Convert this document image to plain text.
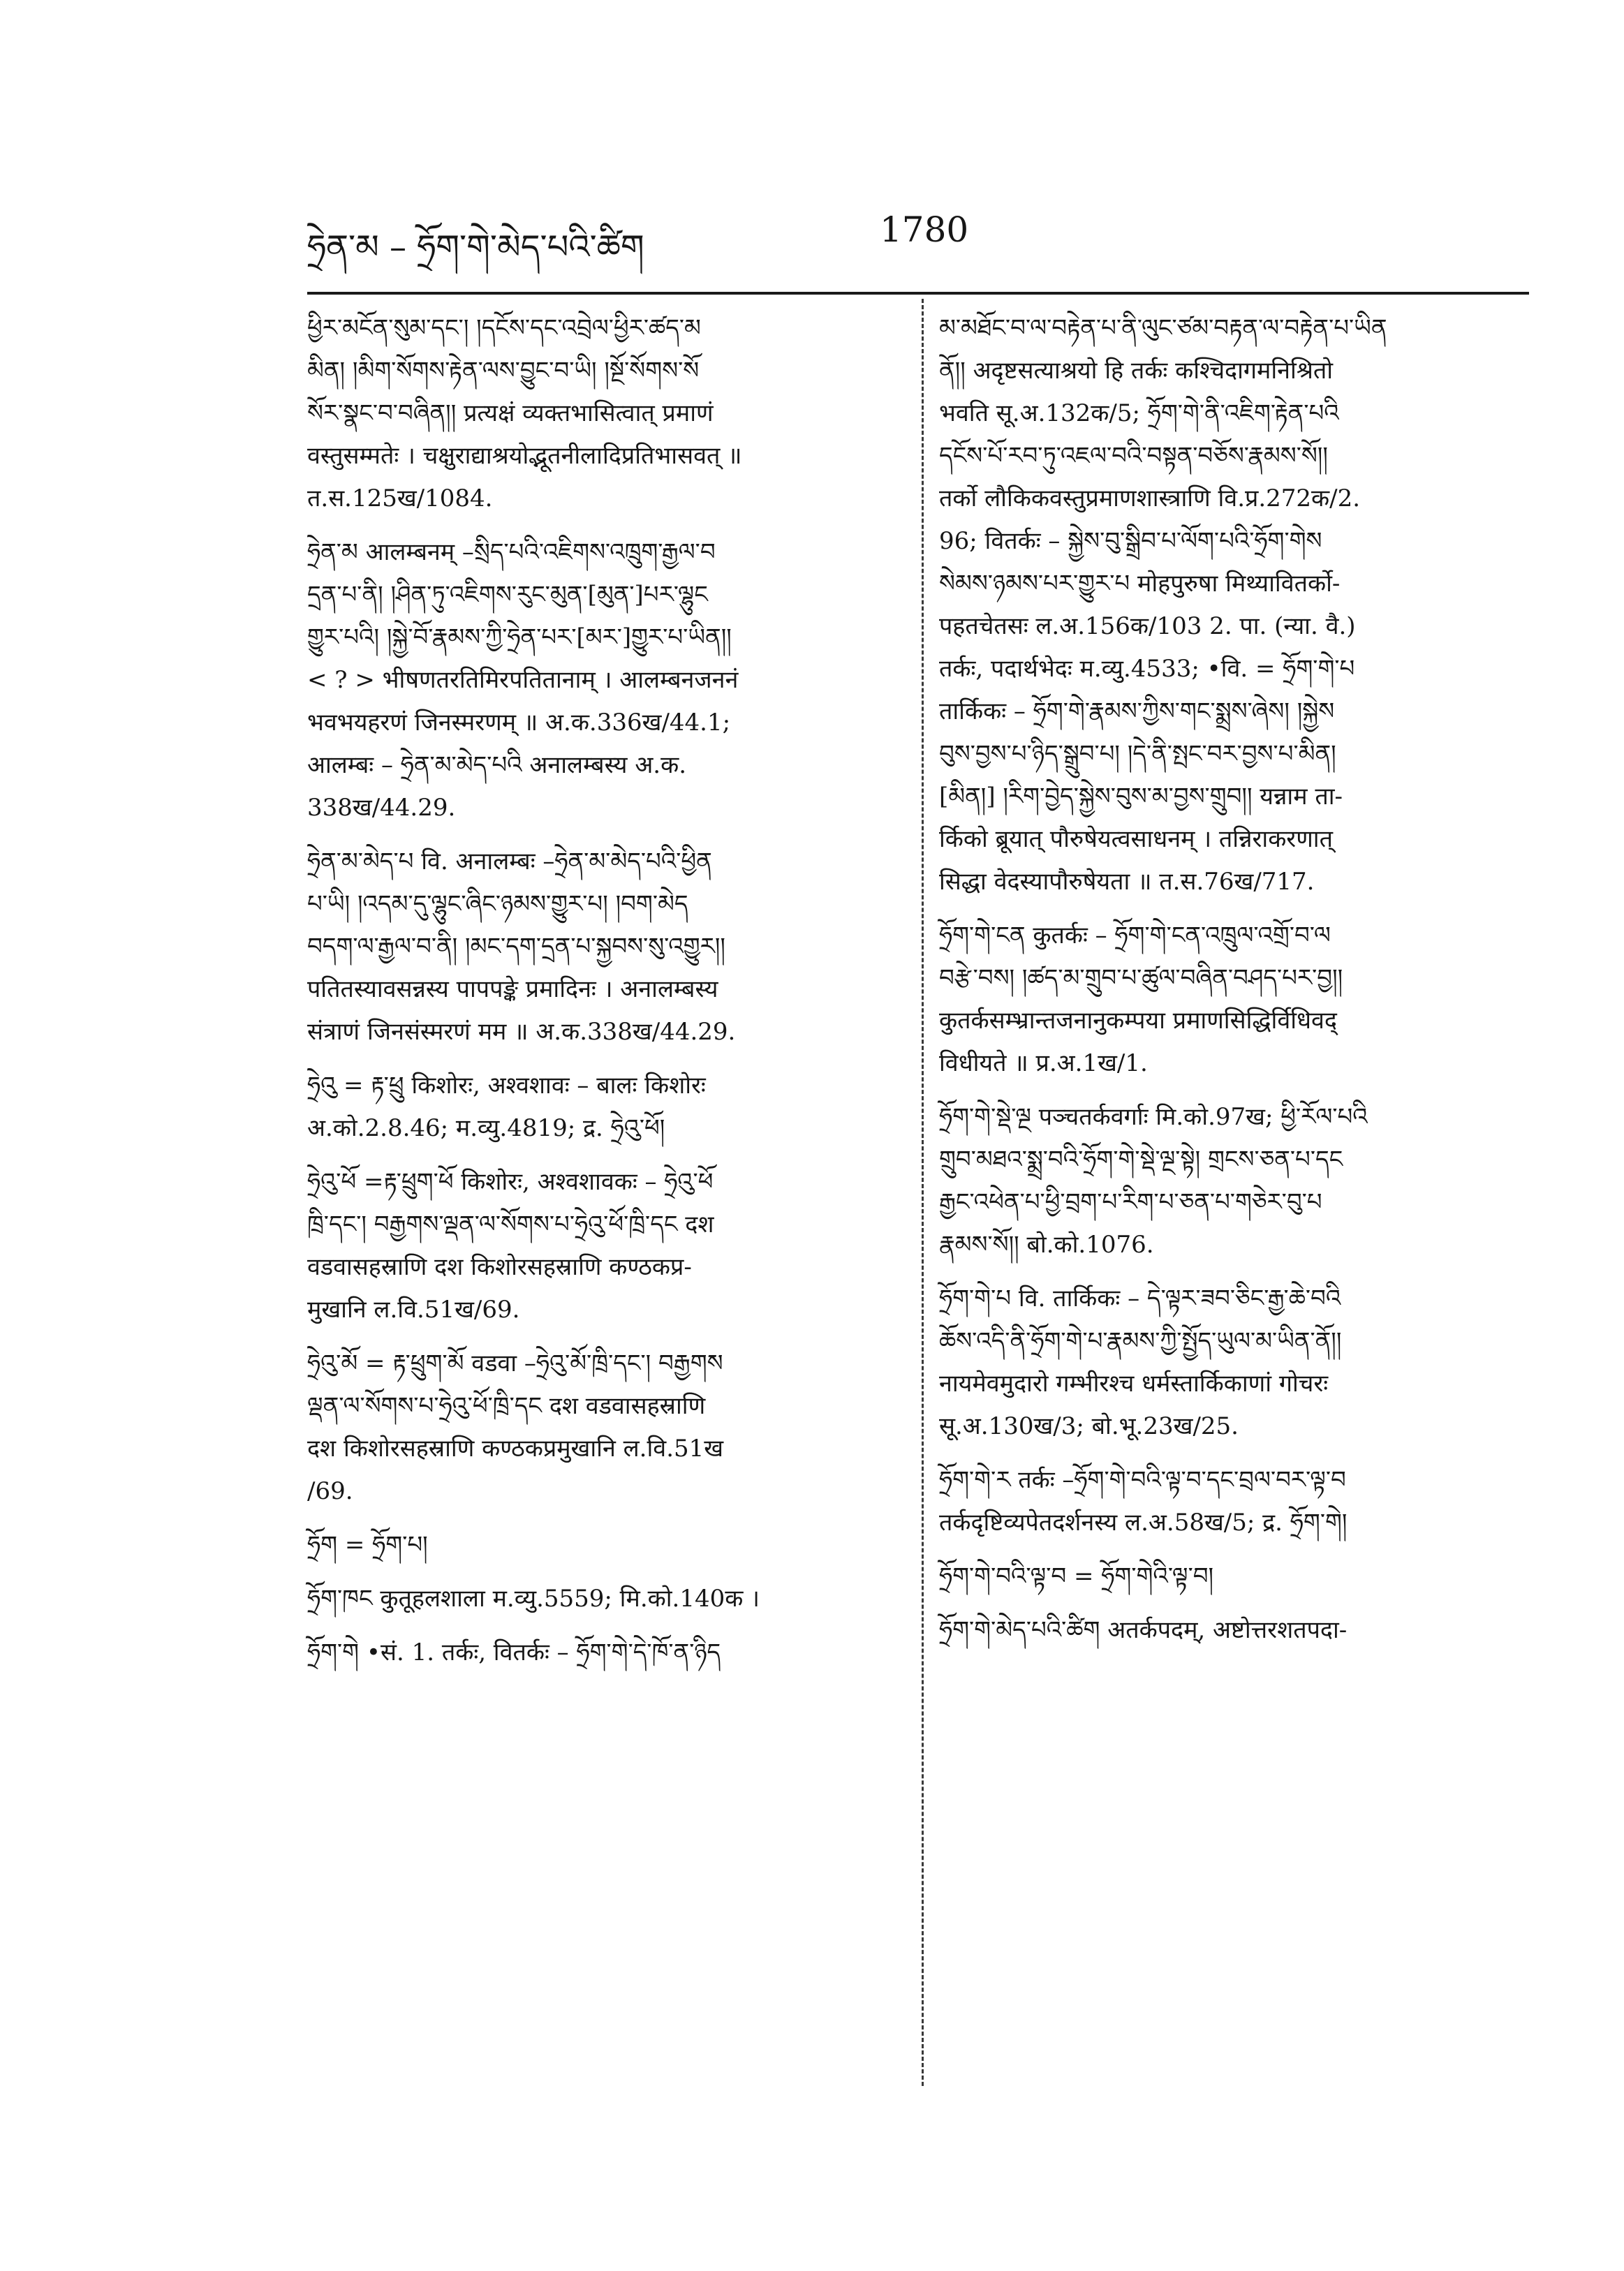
ཧྲེན་མ – ཧྲོག་གེ་མེད་པའི་ཚིག	1780
ཕྱིར་མངོན་སུམ་དང་། །དངོས་དང་འབྲེལ་ཕྱིར་ཚད་མ
མིན། །མིག་སོགས་རྟེན་ལས་བྱུང་བ་ཡི། །སྔོ་སོགས་སོ
སོར་སྣང་བ་བཞིན།། प्रत्यक्षं व्यक्तभासित्वात् प्रमाणं
वस्तुसम्मतेः । चक्षुराद्याश्रयोद्भूतनीलादिप्रतिभासवत् ॥
त.स.125ख/1084.
ཧྲེན་མ आलम्बनम् –སྲིད་པའི་འཇིགས་འཁྲུག་རྒྱལ་བ
དྲན་པ་ནི། །ཤིན་ཏུ་འཇིགས་རུང་མུན་[མུན་]པར་ལྷུང
གྱུར་པའི། །སྐྱེ་བོ་རྣམས་ཀྱི་ཧྲེན་པར་[མར་]གྱུར་པ་ཡིན།།
< ? > भीषणतरतिमिरपतितानाम् । आलम्बनजननं
भवभयहरणं जिनस्मरणम् ॥ अ.क.336ख/44.1;
आलम्बः – ཧྲེན་མ་མེད་པའི अनालम्बस्य अ.क.
338ख/44.29.
ཧྲེན་མ་མེད་པ वि. अनालम्बः –ཧྲེན་མ་མེད་པའི་ཕྱིན
པ་ཡི། །འདམ་དུ་ལྷུང་ཞིང་ཉམས་གྱུར་པ། །བག་མེད
བདག་ལ་རྒྱལ་བ་ནི། །མང་དག་དྲན་པ་སྐྱབས་སུ་འགྱུར།།
पतितस्यावसन्नस्य पापपङ्के प्रमादिनः । अनालम्बस्य
संत्राणं जिनसंस्मरणं मम ॥ अ.क.338ख/44.29.
ཧྲེའུ = རྟ་ཕྲུ किशोरः, अश्वशावः – बालः किशोरः
अ.को.2.8.46; म.व्यु.4819; द्र. ཧྲེའུ་ཕོ།
ཧྲེའུ་ཕོ =རྟ་ཕྲུག་ཕོ किशोरः, अश्वशावकः – ཧྲེའུ་ཕོ
ཁྲི་དང་། བརྒྱགས་ལྡན་ལ་སོགས་པ་ཧྲེའུ་ཕོ་ཁྲི་དང दश
वडवासहस्राणि दश किशोरसहस्राणि कण्ठकप्र-
मुखानि ल.वि.51ख/69.
ཧྲེའུ་མོ = རྟ་ཕྲུག་མོ वडवा –ཧྲེའུ་མོ་ཁྲི་དང་། བརྒྱགས
ལྡན་ལ་སོགས་པ་ཧྲེའུ་ཕོ་ཁྲི་དང दश वडवासहस्राणि
दश किशोरसहस्राणि कण्ठकप्रमुखानि ल.वि.51ख
/69.
ཧྲོག = ཧྲོག་པ།
ཧྲོག་ཁང कुतूहलशाला म.व्यु.5559; मि.को.140क ।
ཧྲོག་གེ •सं. 1. तर्कः, वितर्कः – ཧྲོག་གེ་དེ་ཁོ་ན་ཉིད
མ་མཐོང་བ་ལ་བརྟེན་པ་ནི་ལུང་ཙམ་བརྟན་ལ་བརྟེན་པ་ཡིན
ནོ།། अदृष्टसत्याश्रयो हि तर्कः कश्चिदागमनिश्रितो
भवति सू.अ.132क/5; ཧྲོག་གེ་ནི་འཇིག་རྟེན་པའི
དངོས་པོ་རབ་ཏུ་འཇལ་བའི་བསྟན་བཅོས་རྣམས་སོ།།
तर्को लौकिकवस्तुप्रमाणशास्त्राणि वि.प्र.272क/2.
96; वितर्कः – སྐྱེས་བུ་སྒྲིབ་པ་ལོག་པའི་ཧྲོག་གེས
སེམས་ཉམས་པར་གྱུར་པ मोहपुरुषा मिथ्यावितर्को-
पहतचेतसः ल.अ.156क/103 2. पा. (न्या. वै.)
तर्कः, पदार्थभेदः म.व्यु.4533; •वि. = ཧྲོག་གེ་པ
तार्किकः – ཧྲོག་གེ་རྣམས་ཀྱིས་གང་སྨྲས་ཞེས། །སྐྱེས
བུས་བྱས་པ་ཉིད་སྒྲུབ་པ། །དེ་ནི་སྤང་བར་བྱས་པ་མིན།
[མིན།] །རིག་བྱེད་སྐྱེས་བུས་མ་བྱས་གྲུབ།། यन्नाम ता-
र्किको ब्रूयात् पौरुषेयत्वसाधनम् । तन्निराकरणात्
सिद्धा वेदस्यापौरुषेयता ॥ त.स.76ख/717.
ཧྲོག་གེ་ངན कुतर्कः – ཧྲོག་གེ་ངན་འཁྲུལ་འགྲོ་བ་ལ
བརྩེ་བས། །ཚད་མ་གྲུབ་པ་ཚུལ་བཞིན་བཤད་པར་བྱ།།
कुतर्कसम्भ्रान्तजनानुकम्पया प्रमाणसिद्धिर्विधिवद्
विधीयते ॥ प्र.अ.1ख/1.
ཧྲོག་གེ་སྡེ་ལྔ पञ्चतर्कवर्गाः मि.को.97ख; ཕྱི་རོལ་པའི
གྲུབ་མཐའ་སྨྲ་བའི་ཧྲོག་གེ་སྡེ་ལྔ་སྟེ། གྲངས་ཅན་པ་དང
རྒྱང་འཕེན་པ་ཕྱི་བྲག་པ་རིག་པ་ཅན་པ་གཅེར་བུ་པ
རྣམས་སོ།། बो.को.1076.
ཧྲོག་གེ་པ वि. तार्किकः – དེ་ལྟར་ཟབ་ཅིང་རྒྱ་ཆེ་བའི
ཆོས་འདི་ནི་ཧྲོག་གེ་པ་རྣམས་ཀྱི་སྤྱོད་ཡུལ་མ་ཡིན་ནོ།།
नायमेवमुदारो गम्भीरश्च धर्मस्तार्किकाणां गोचरः
सू.अ.130ख/3; बो.भू.23ख/25.
ཧྲོག་གེ་ར तर्कः –ཧྲོག་གེ་བའི་ལྟ་བ་དང་བྲལ་བར་ལྟ་བ
तर्कदृष्टिव्यपेतदर्शनस्य ल.अ.58ख/5; द्र. ཧྲོག་གེ།
ཧྲོག་གེ་བའི་ལྟ་བ = ཧྲོག་གེའི་ལྟ་བ།
ཧྲོག་གེ་མེད་པའི་ཚིག अतर्कपदम्, अष्टोत्तरशतपदा-
